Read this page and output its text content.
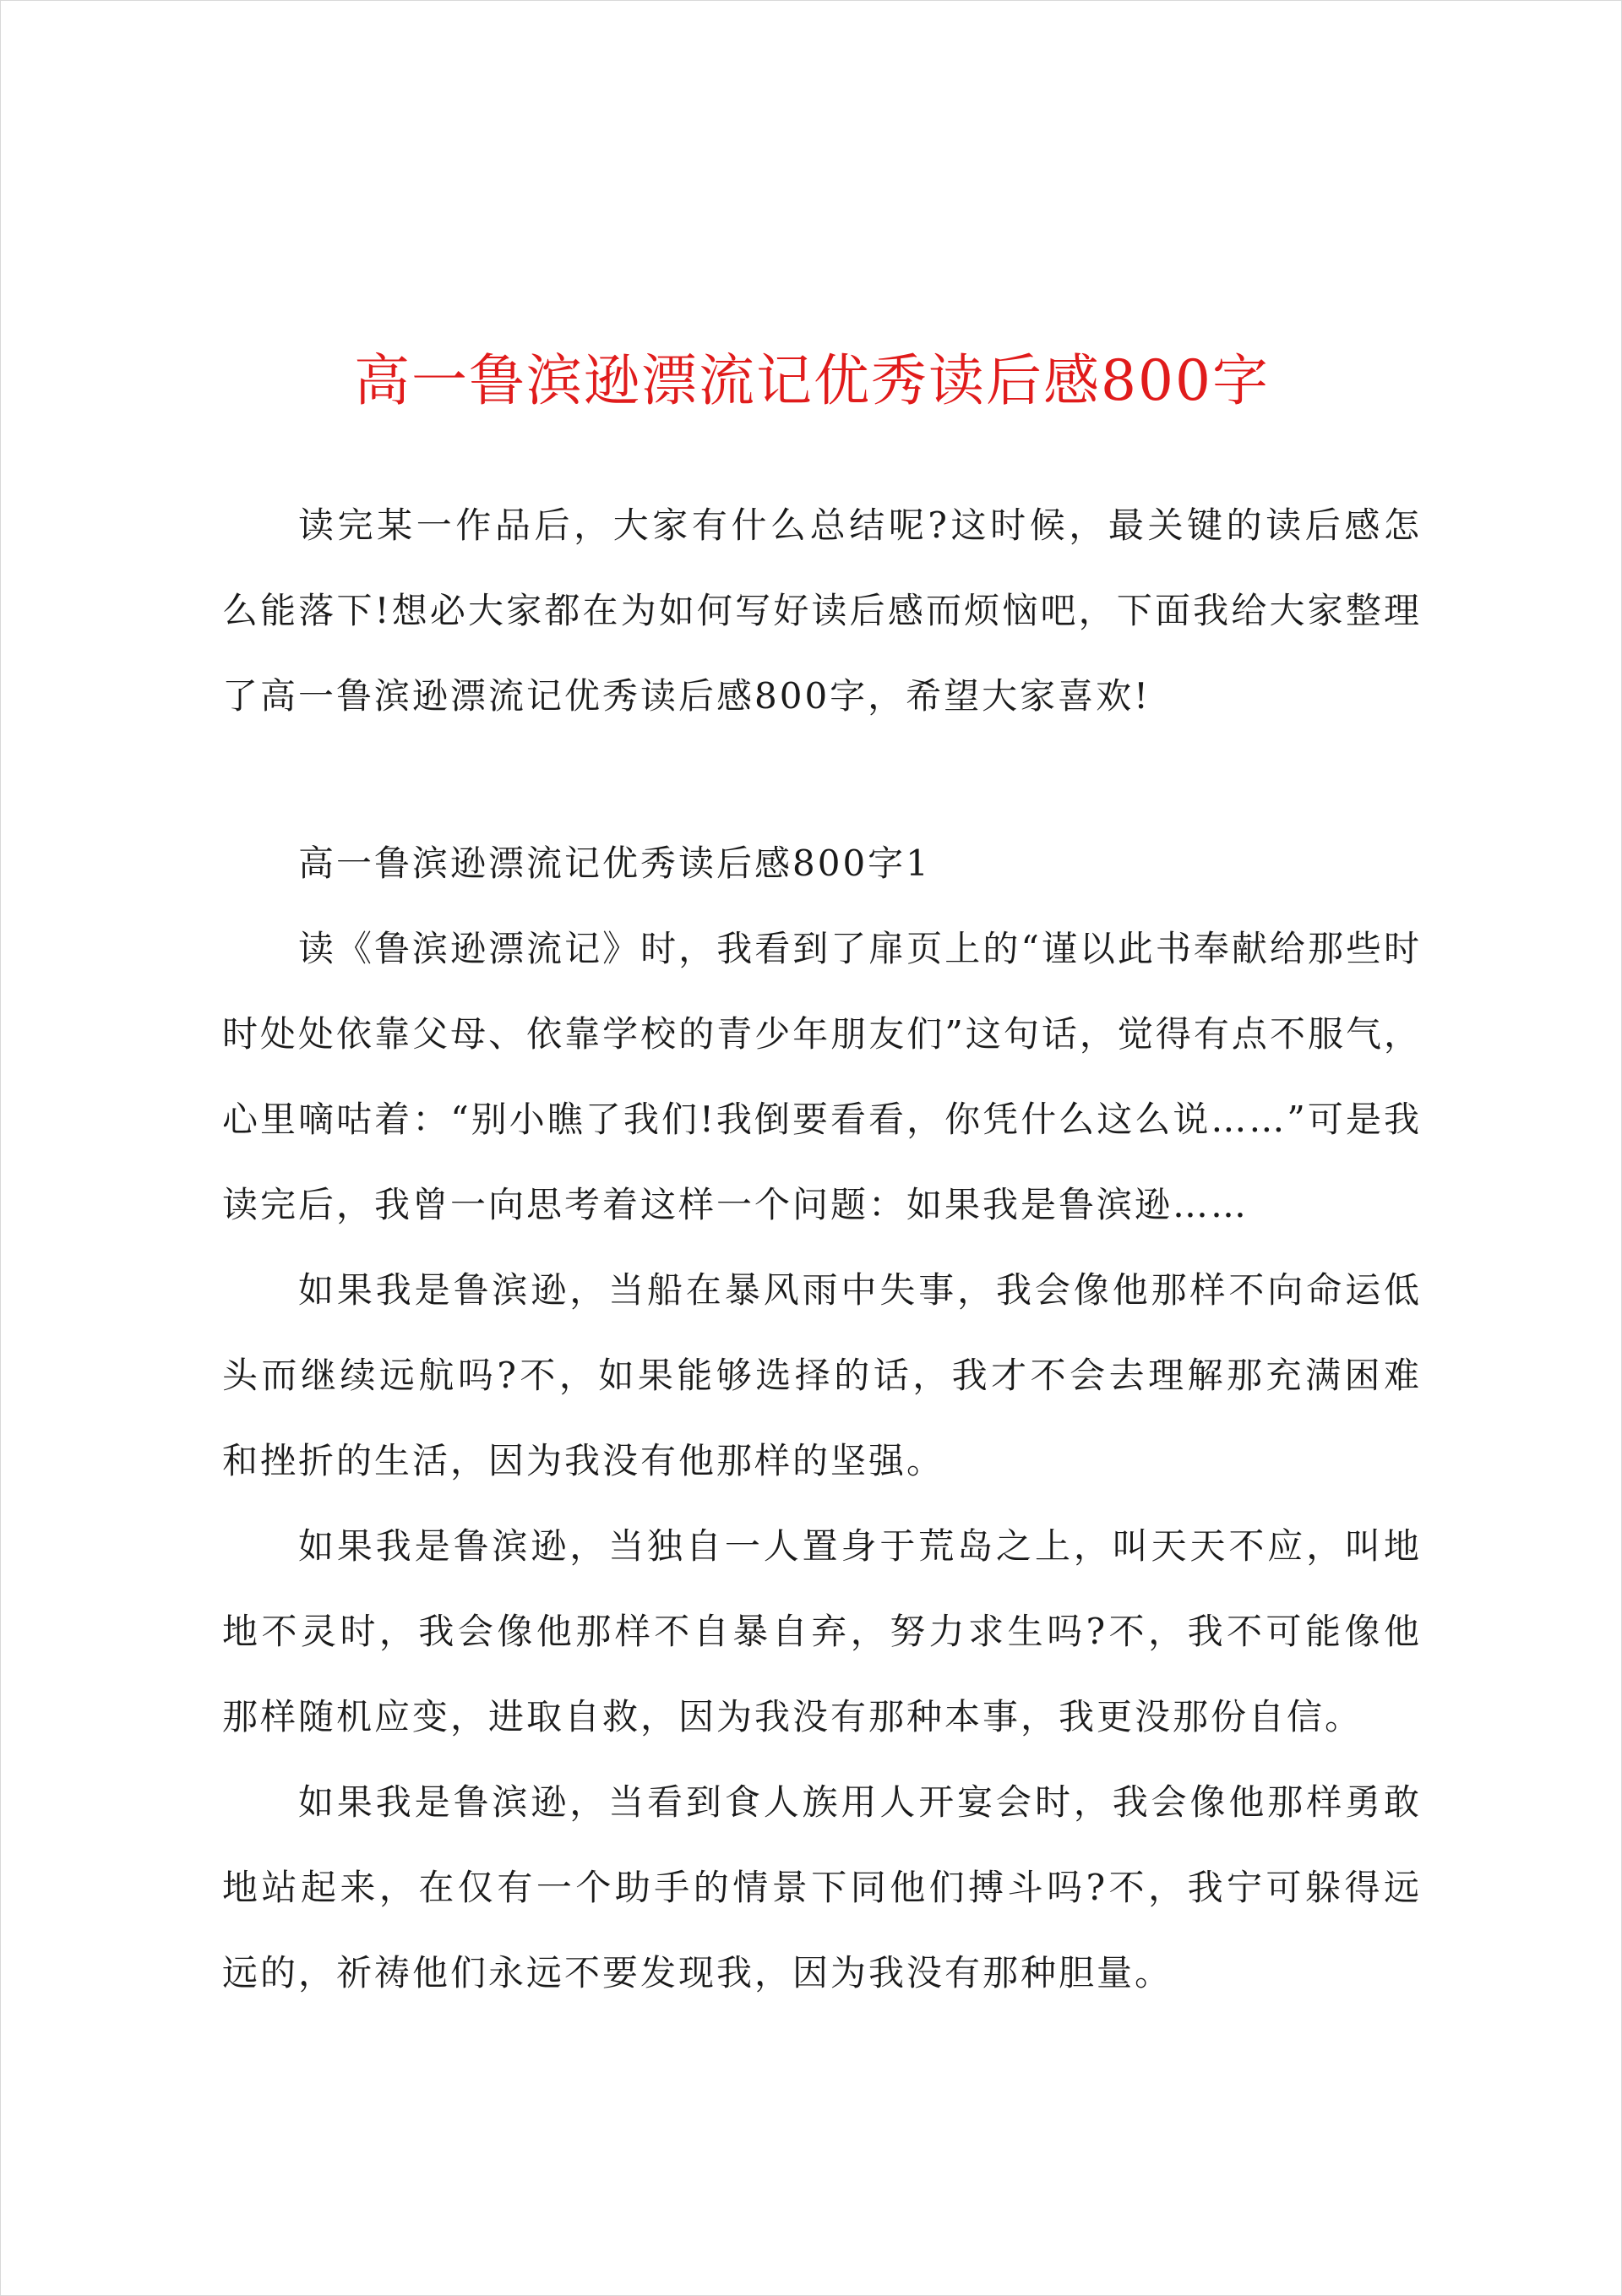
高一鲁滨逊漂流记优秀读后感800字

读完某一作品后，大家有什么总结呢?这时候，最关键的读后感怎么能落下!想必大家都在为如何写好读后感而烦恼吧，下面我给大家整理了高一鲁滨逊漂流记优秀读后感800字，希望大家喜欢!

高一鲁滨逊漂流记优秀读后感800字1

读《鲁滨逊漂流记》时，我看到了扉页上的“谨以此书奉献给那些时时处处依靠父母、依靠学校的青少年朋友们”这句话，觉得有点不服气，心里嘀咕着：“别小瞧了我们!我倒要看看，你凭什么这么说……”可是我读完后，我曾一向思考着这样一个问题：如果我是鲁滨逊……

如果我是鲁滨逊，当船在暴风雨中失事，我会像他那样不向命运低头而继续远航吗?不，如果能够选择的话，我才不会去理解那充满困难和挫折的生活，因为我没有他那样的坚强。

如果我是鲁滨逊，当独自一人置身于荒岛之上，叫天天不应，叫地地不灵时，我会像他那样不自暴自弃，努力求生吗?不，我不可能像他那样随机应变，进取自救，因为我没有那种本事，我更没那份自信。

如果我是鲁滨逊，当看到食人族用人开宴会时，我会像他那样勇敢地站起来，在仅有一个助手的情景下同他们搏斗吗?不，我宁可躲得远远的，祈祷他们永远不要发现我，因为我没有那种胆量。
